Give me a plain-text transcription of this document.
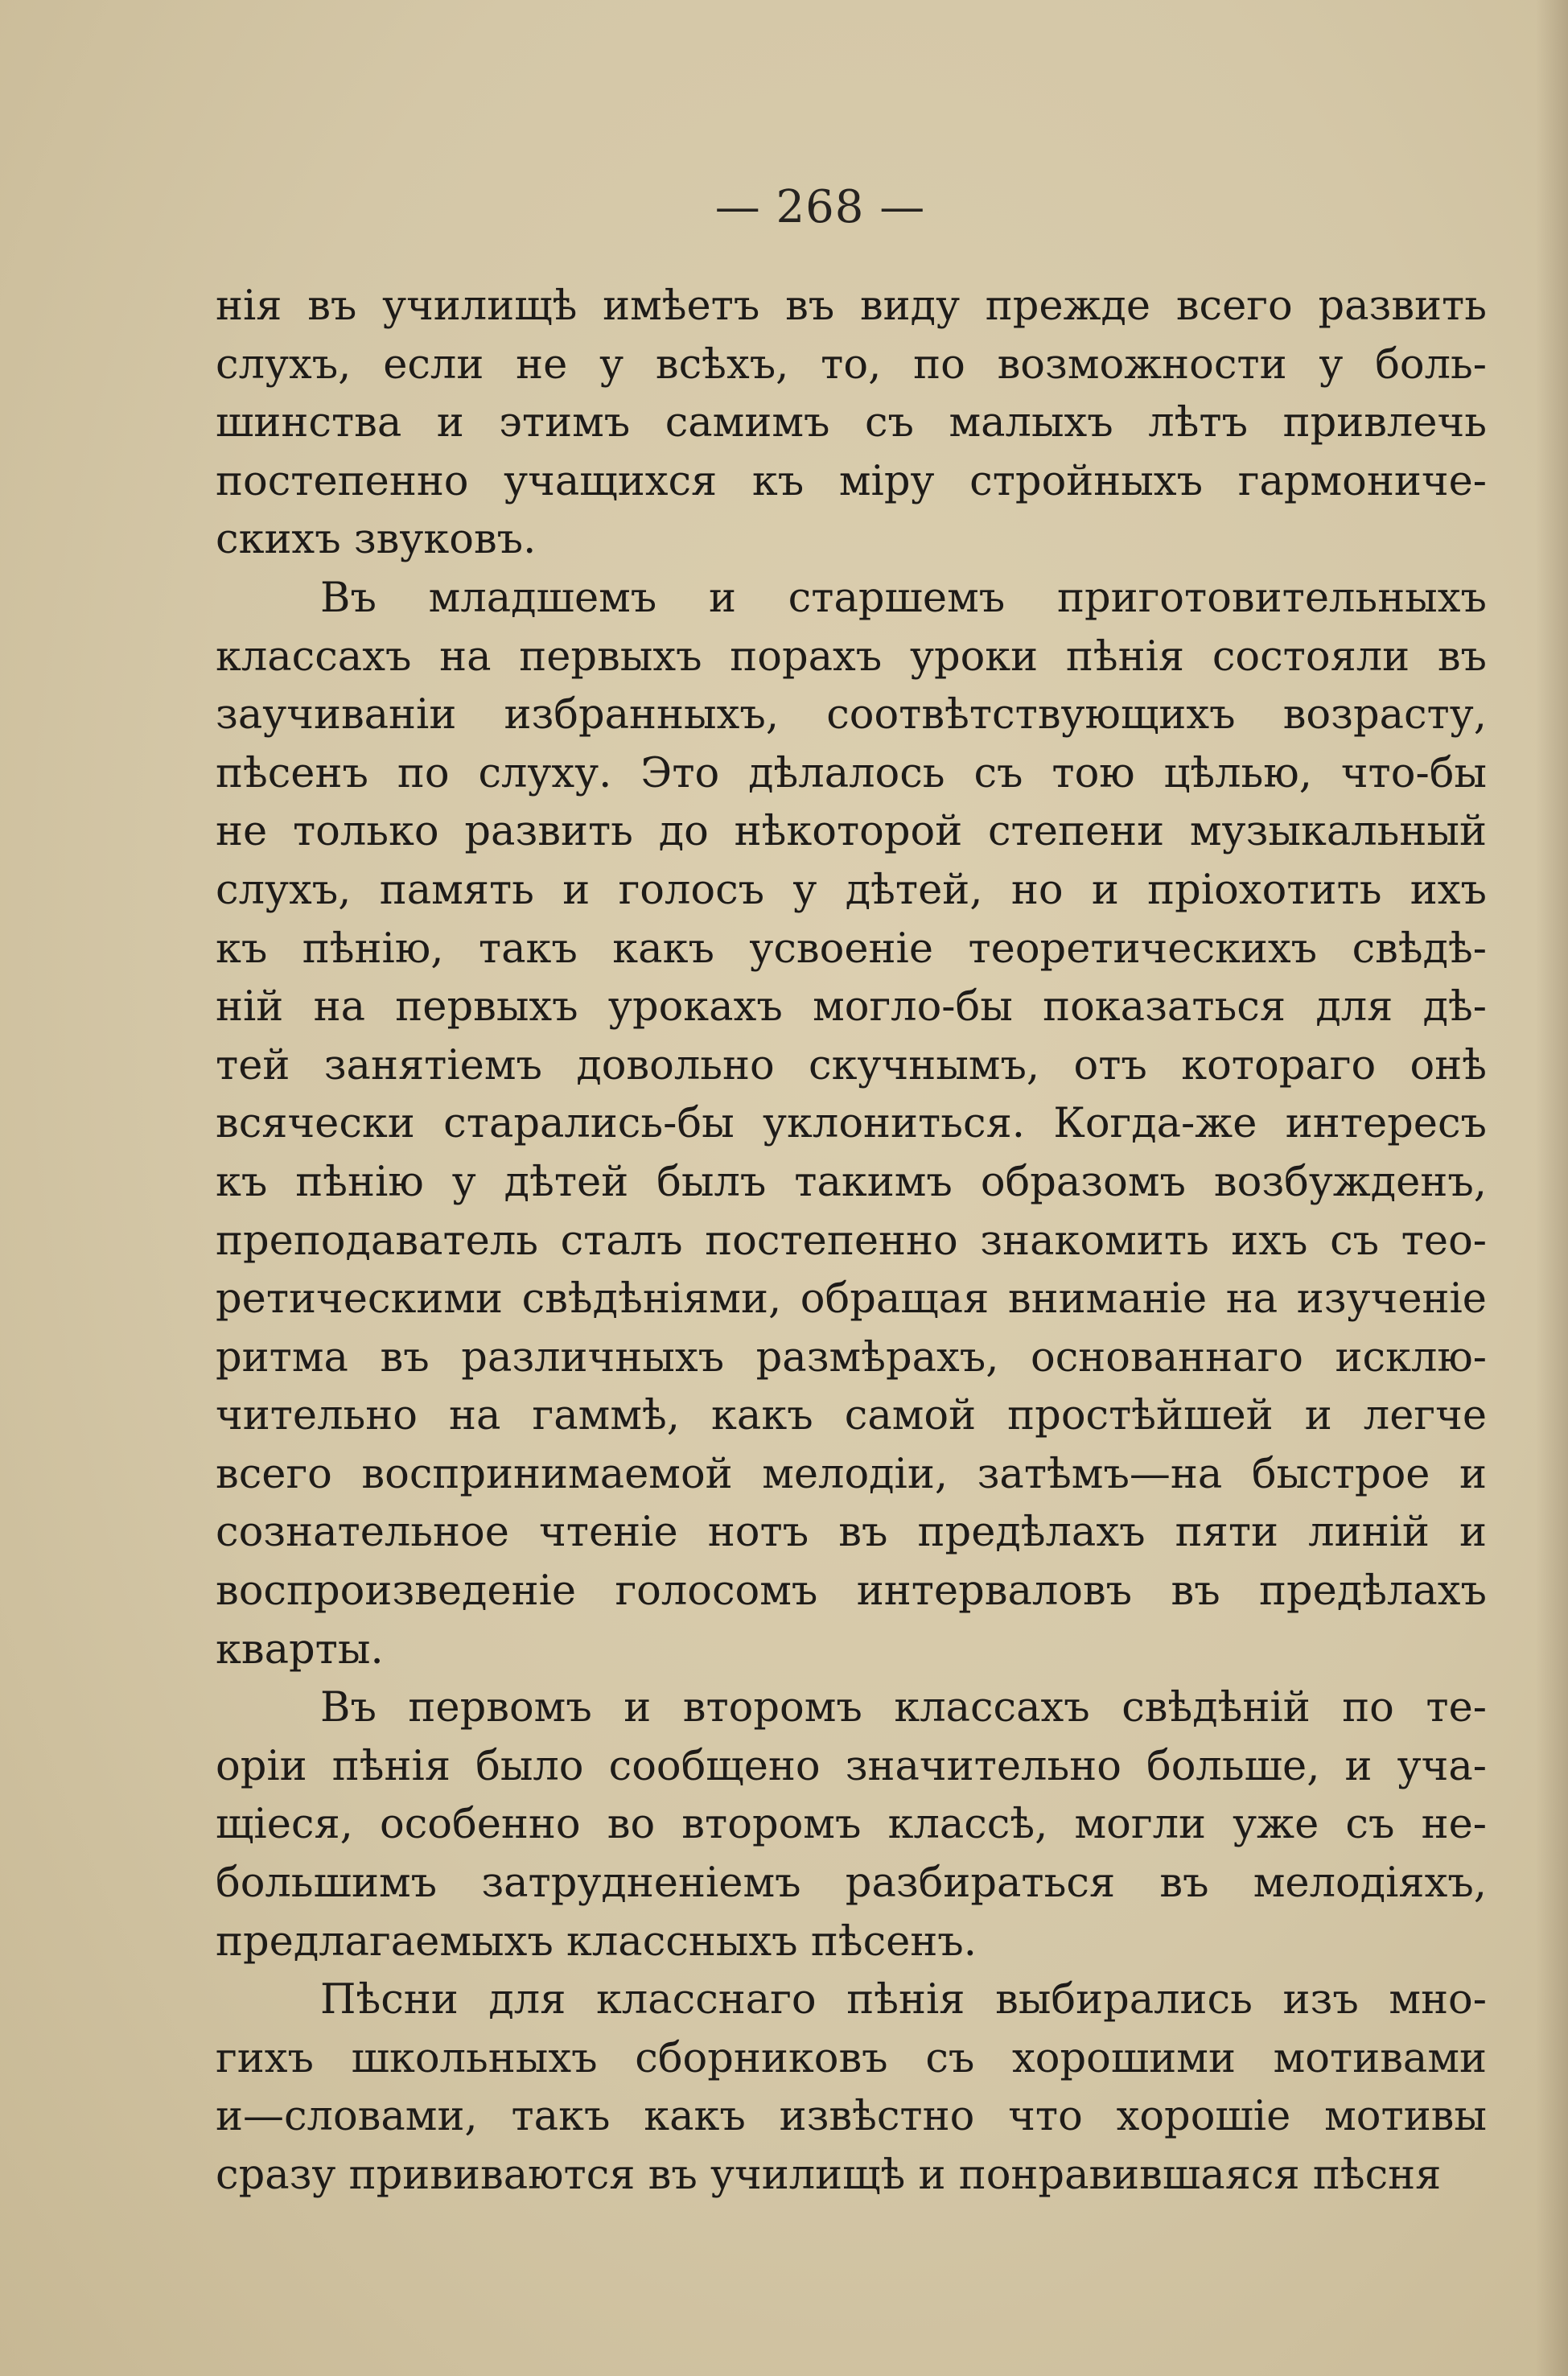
— 268 —
нія въ училищѣ имѣетъ въ виду прежде всего развить
слухъ, если не у всѣхъ, то, по возможности у боль-
шинства и этимъ самимъ съ малыхъ лѣтъ привлечь
постепенно учащихся къ міру стройныхъ гармониче-
скихъ звуковъ.
Въ младшемъ и старшемъ приготовительныхъ
классахъ на первыхъ порахъ уроки пѣнія состояли въ
заучиваніи избранныхъ, соотвѣтствующихъ возрасту,
пѣсенъ по слуху. Это дѣлалось съ тою цѣлью, что-бы
не только развить до нѣкоторой степени музыкальный
слухъ, память и голосъ у дѣтей, но и пріохотить ихъ
къ пѣнію, такъ какъ усвоеніе теоретическихъ свѣдѣ-
ній на первыхъ урокахъ могло-бы показаться для дѣ-
тей занятіемъ довольно скучнымъ, отъ котораго онѣ
всячески старались-бы уклониться. Когда-же интересъ
къ пѣнію у дѣтей былъ такимъ образомъ возбужденъ,
преподаватель сталъ постепенно знакомить ихъ съ тео-
ретическими свѣдѣніями, обращая вниманіе на изученіе
ритма въ различныхъ размѣрахъ, основаннаго исклю-
чительно на гаммѣ, какъ самой простѣйшей и легче
всего воспринимаемой мелодіи, затѣмъ—на быстрое и
сознательное чтеніе нотъ въ предѣлахъ пяти линій и
воспроизведеніе голосомъ интерваловъ въ предѣлахъ
кварты.
Въ первомъ и второмъ классахъ свѣдѣній по те-
оріи пѣнія было сообщено значительно больше, и уча-
щіеся, особенно во второмъ классѣ, могли уже съ не-
большимъ затрудненіемъ разбираться въ мелодіяхъ,
предлагаемыхъ классныхъ пѣсенъ.
Пѣсни для класснаго пѣнія выбирались изъ мно-
гихъ школьныхъ сборниковъ съ хорошими мотивами
и—словами, такъ какъ извѣстно что хорошіе мотивы
сразу прививаются въ училищѣ и понравившаяся пѣсня
